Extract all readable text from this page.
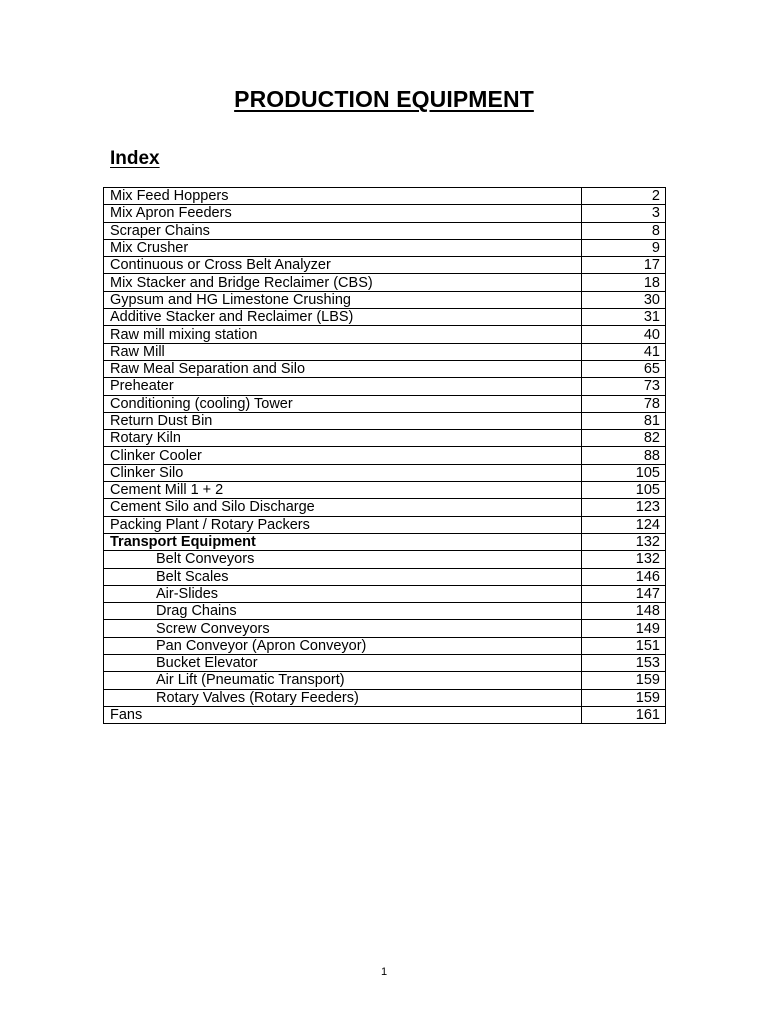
PRODUCTION EQUIPMENT
Index
Mix Feed Hoppers	2
Mix Apron Feeders	3
Scraper Chains	8
Mix Crusher	9
Continuous or Cross Belt Analyzer	17
Mix Stacker and Bridge Reclaimer (CBS)	18
Gypsum and HG Limestone Crushing	30
Additive Stacker and Reclaimer (LBS)	31
Raw mill mixing station	40
Raw Mill	41
Raw Meal Separation and Silo	65
Preheater	73
Conditioning (cooling) Tower	78
Return Dust Bin	81
Rotary Kiln	82
Clinker Cooler	88
Clinker Silo	105
Cement Mill 1 + 2	105
Cement Silo and Silo Discharge	123
Packing Plant / Rotary Packers	124
Transport Equipment	132
Belt Conveyors	132
Belt Scales	146
Air-Slides	147
Drag Chains	148
Screw Conveyors	149
Pan Conveyor (Apron Conveyor)	151
Bucket Elevator	153
Air Lift (Pneumatic Transport)	159
Rotary Valves (Rotary Feeders)	159
Fans	161
1
